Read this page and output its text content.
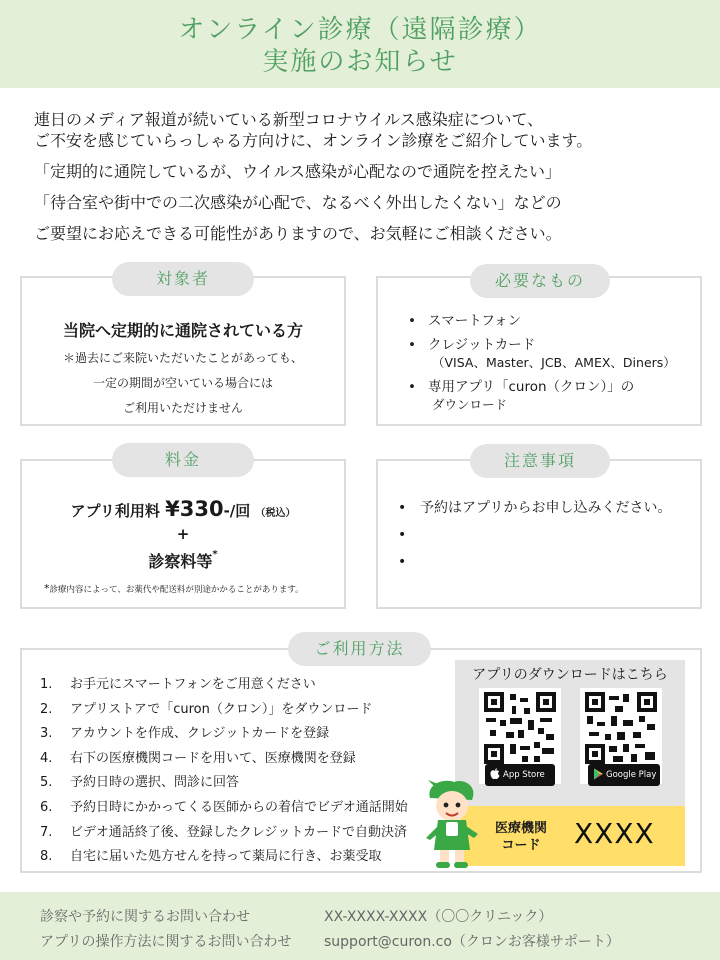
オンライン診療（遠隔診療）
実施のお知らせ

連日のメディア報道が続いている新型コロナウイルス感染症について、

ご不安を感じていらっしゃる方向けに、オンライン診療をご紹介しています。

「定期的に通院しているが、ウイルス感染が心配なので通院を控えたい」

「待合室や街中での二次感染が心配で、なるべく外出したくない」などの

ご要望にお応えできる可能性がありますので、お気軽にご相談ください。

当院へ定期的に通院されている方
＊過去にご来院いただいたことがあっても、
一定の期間が空いている場合には
ご利用いただけません
対象者
• スマートフォン
• クレジットカード
（VISA、Master、JCB、AMEX、Diners）
• 専用アプリ「curon（クロン）」の
ダウンロード
必要なもの
アプリ利用料 ¥330-/回 （税込）
+
診察料等*
*診療内容によって、お薬代や配送料が別途かかることがあります。
料金
• 予約はアプリからお申し込みください。
•
•
注意事項
1. お手元にスマートフォンをご用意ください
2. アプリストアで「curon（クロン）」をダウンロード
3. アカウントを作成、クレジットカードを登録
4. 右下の医療機関コードを用いて、医療機関を登録
5. 予約日時の選択、問診に回答
6. 予約日時にかかってくる医師からの着信でビデオ通話開始
7. ビデオ通話終了後、登録したクレジットカードで自動決済
8. 自宅に届いた処方せんを持って薬局に行き、お薬受取
ご利用方法
アプリのダウンロードはこちら
App Store	Google Play
医療機関
コード	XXXX
診察や予約に関するお問い合わせ	XX-XXXX-XXXX（〇〇クリニック）
アプリの操作方法に関するお問い合わせ support@curon.co（クロンお客様サポート）
